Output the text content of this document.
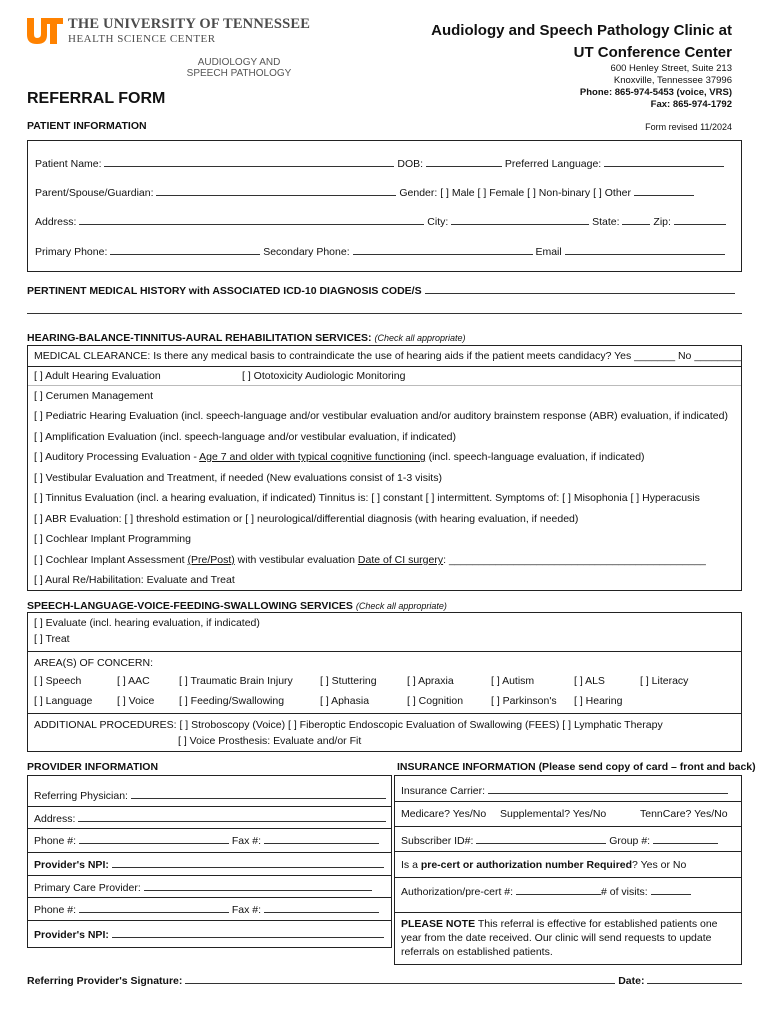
THE UNIVERSITY OF TENNESSEE
HEALTH SCIENCE CENTER
AUDIOLOGY AND
SPEECH PATHOLOGY
Audiology and Speech Pathology Clinic at
UT Conference Center
600 Henley Street, Suite 213
Knoxville, Tennessee 37996
Phone: 865-974-5453 (voice, VRS)
Fax: 865-974-1792
REFERRAL FORM
PATIENT INFORMATION	Form revised 11/2024
Patient Name:	DOB:	Preferred Language:
Parent/Spouse/Guardian:	Gender: [ ] Male [ ] Female [ ] Non-binary [ ] Other
Address:	City:	State:	Zip:
Primary Phone:	Secondary Phone:	Email
PERTINENT MEDICAL HISTORY with ASSOCIATED ICD-10 DIAGNOSIS CODE/S
HEARING-BALANCE-TINNITUS-AURAL REHABILITATION SERVICES: (Check all appropriate)
MEDICAL CLEARANCE: Is there any medical basis to contraindicate the use of hearing aids if the patient meets candidacy? Yes _______ No ________
[ ] Adult Hearing Evaluation	[ ] Ototoxicity Audiologic Monitoring
[ ] Cerumen Management
[ ] Pediatric Hearing Evaluation (incl. speech-language and/or vestibular evaluation and/or auditory brainstem response (ABR) evaluation, if indicated)
[ ] Amplification Evaluation (incl. speech-language and/or vestibular evaluation, if indicated)
[ ] Auditory Processing Evaluation - Age 7 and older with typical cognitive functioning (incl. speech-language evaluation, if indicated)
[ ] Vestibular Evaluation and Treatment, if needed (New evaluations consist of 1-3 visits)
[ ] Tinnitus Evaluation (incl. a hearing evaluation, if indicated) Tinnitus is: [ ] constant [ ] intermittent. Symptoms of: [ ] Misophonia [ ] Hyperacusis
[ ] ABR Evaluation: [ ] threshold estimation or [ ] neurological/differential diagnosis (with hearing evaluation, if needed)
[ ] Cochlear Implant Programming
[ ] Cochlear Implant Assessment (Pre/Post) with vestibular evaluation Date of CI surgery: ____________________________________________
[ ] Aural Re/Habilitation: Evaluate and Treat
SPEECH-LANGUAGE-VOICE-FEEDING-SWALLOWING SERVICES (Check all appropriate)
[ ] Evaluate (incl. hearing evaluation, if indicated)
[ ] Treat
AREA(S) OF CONCERN:
[ ] Speech	[ ] AAC	[ ] Traumatic Brain Injury	[ ] Stuttering	[ ] Apraxia	[ ] Autism	[ ] ALS	[ ] Literacy
[ ] Language [ ] Voice [ ] Feeding/Swallowing	[ ] Aphasia	[ ] Cognition	[ ] Parkinson's [ ] Hearing
ADDITIONAL PROCEDURES: [ ] Stroboscopy (Voice) [ ] Fiberoptic Endoscopic Evaluation of Swallowing (FEES) [ ] Lymphatic Therapy
[ ] Voice Prosthesis: Evaluate and/or Fit
PROVIDER INFORMATION
Referring Physician:
Address:
Phone #:	Fax #:
Provider's NPI:
Primary Care Provider:
Phone #:	Fax #:
Provider's NPI:
INSURANCE INFORMATION (Please send copy of card – front and back)
Insurance Carrier:
Medicare? Yes/No Supplemental? Yes/No	TennCare? Yes/No
Subscriber ID#:	Group #:
Is a pre-cert or authorization number Required? Yes or No
Authorization/pre-cert #:	# of visits:
PLEASE NOTE This referral is effective for established patients one year from the date received. Our clinic will send requests to update referrals on established patients.
Referring Provider's Signature:	Date:
